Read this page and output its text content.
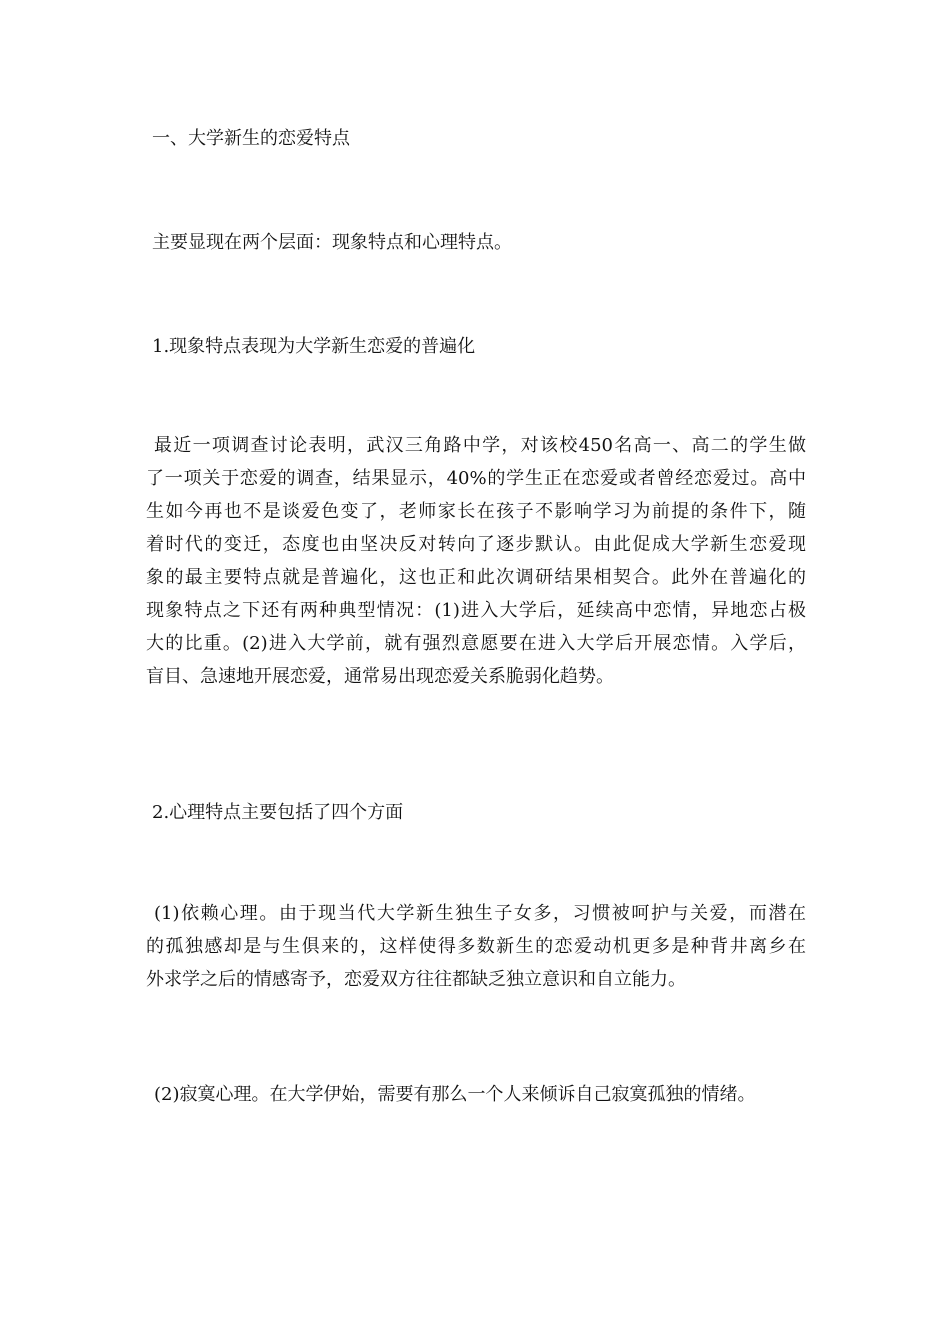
一、大学新生的恋爱特点

主要显现在两个层面：现象特点和心理特点。

1.现象特点表现为大学新生恋爱的普遍化

最近一项调查讨论表明，武汉三角路中学，对该校450名高一、高二的学生做
了一项关于恋爱的调查，结果显示，40%的学生正在恋爱或者曾经恋爱过。高中
生如今再也不是谈爱色变了，老师家长在孩子不影响学习为前提的条件下，随
着时代的变迁，态度也由坚决反对转向了逐步默认。由此促成大学新生恋爱现
象的最主要特点就是普遍化，这也正和此次调研结果相契合。此外在普遍化的
现象特点之下还有两种典型情况：(1)进入大学后，延续高中恋情，异地恋占极
大的比重。(2)进入大学前，就有强烈意愿要在进入大学后开展恋情。入学后，
盲目、急速地开展恋爱，通常易出现恋爱关系脆弱化趋势。

2.心理特点主要包括了四个方面

(1)依赖心理。由于现当代大学新生独生子女多，习惯被呵护与关爱，而潜在
的孤独感却是与生俱来的，这样使得多数新生的恋爱动机更多是种背井离乡在
外求学之后的情感寄予，恋爱双方往往都缺乏独立意识和自立能力。

(2)寂寞心理。在大学伊始，需要有那么一个人来倾诉自己寂寞孤独的情绪。
